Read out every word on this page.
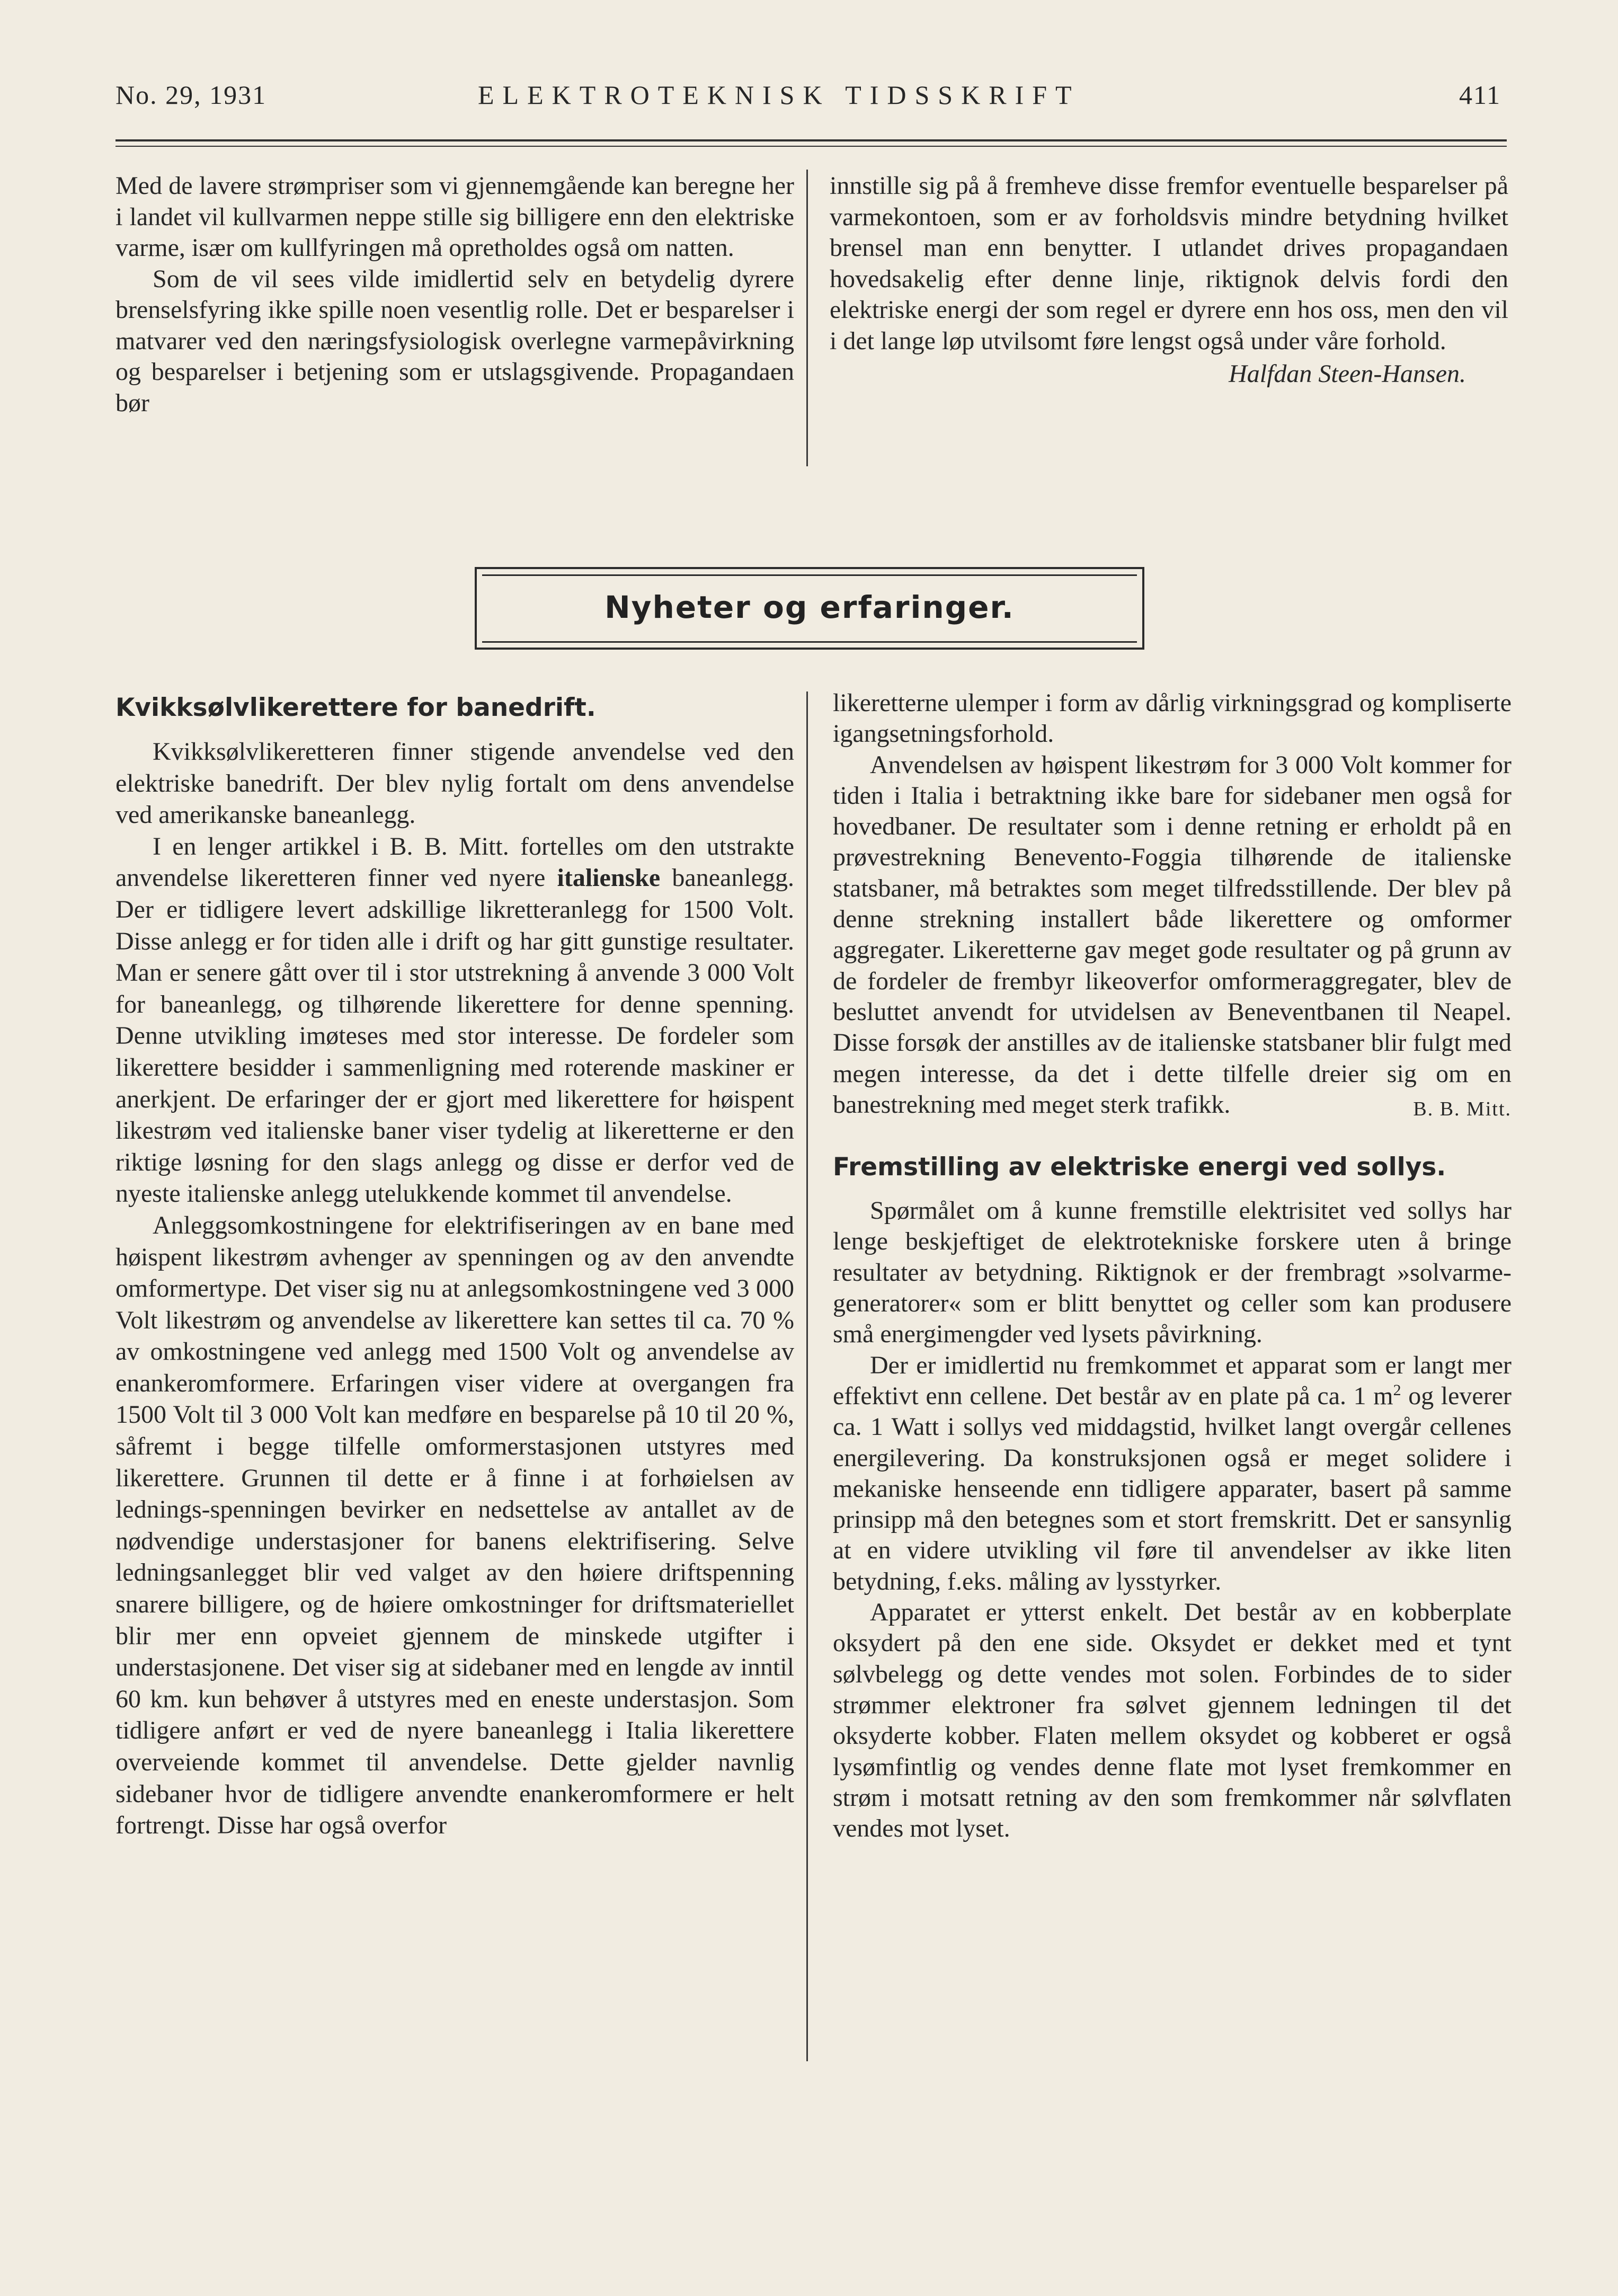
No. 29, 1931	ELEKTROTEKNISK TIDSSKRIFT	411

Med de lavere strømpriser som vi gjennemgående kan beregne her i landet vil kullvarmen neppe stille sig billigere enn den elektriske varme, især om kullfyringen må opretholdes også om natten.

Som de vil sees vilde imidlertid selv en betydelig dyrere brenselsfyring ikke spille noen vesentlig rolle. Det er besparelser i matvarer ved den næringsfysiologisk overlegne varmepåvirkning og besparelser i betjening som er utslagsgivende. Propagandaen bør

innstille sig på å fremheve disse fremfor eventuelle besparelser på varmekontoen, som er av forholdsvis mindre betydning hvilket brensel man enn benytter. I utlandet drives propagandaen hovedsakelig efter denne linje, riktignok delvis fordi den elektriske energi der som regel er dyrere enn hos oss, men den vil i det lange løp utvilsomt føre lengst også under våre forhold.

Halfdan Steen-Hansen.
Nyheter og erfaringer.
Kvikksølvlikerettere for banedrift.

Kvikksølvlikeretteren finner stigende anvendelse ved den elektriske banedrift. Der blev nylig fortalt om dens anvendelse ved amerikanske baneanlegg.

I en lenger artikkel i B. B. Mitt. fortelles om den utstrakte anvendelse likeretteren finner ved nyere italienske baneanlegg. Der er tidligere levert adskillige likretteranlegg for 1500 Volt. Disse anlegg er for tiden alle i drift og har gitt gunstige resultater. Man er senere gått over til i stor utstrekning å anvende 3 000 Volt for baneanlegg, og tilhørende likerettere for denne spenning. Denne utvikling imøteses med stor interesse. De fordeler som likerettere besidder i sammenligning med roterende maskiner er anerkjent. De erfaringer der er gjort med likerettere for høispent likestrøm ved italienske baner viser tydelig at likeretterne er den riktige løsning for den slags anlegg og disse er derfor ved de nyeste italienske anlegg utelukkende kommet til anvendelse.

Anleggsomkostningene for elektrifiseringen av en bane med høispent likestrøm avhenger av spenningen og av den anvendte omformertype. Det viser sig nu at anlegsomkostningene ved 3 000 Volt likestrøm og anvendelse av likerettere kan settes til ca. 70 % av omkostningene ved anlegg med 1500 Volt og anvendelse av enankeromformere. Erfaringen viser videre at overgangen fra 1500 Volt til 3 000 Volt kan medføre en besparelse på 10 til 20 %, såfremt i begge tilfelle omformerstasjonen utstyres med likerettere. Grunnen til dette er å finne i at forhøielsen av lednings-spenningen bevirker en nedsettelse av antallet av de nødvendige understasjoner for banens elektrifisering. Selve ledningsanlegget blir ved valget av den høiere driftspenning snarere billigere, og de høiere omkostninger for driftsmateriellet blir mer enn opveiet gjennem de minskede utgifter i understasjonene. Det viser sig at sidebaner med en lengde av inntil 60 km. kun behøver å utstyres med en eneste understasjon. Som tidligere anført er ved de nyere baneanlegg i Italia likerettere overveiende kommet til anvendelse. Dette gjelder navnlig sidebaner hvor de tidligere anvendte enankeromformere er helt fortrengt. Disse har også overfor

likeretterne ulemper i form av dårlig virkningsgrad og kompliserte igangsetningsforhold.

Anvendelsen av høispent likestrøm for 3 000 Volt kommer for tiden i Italia i betraktning ikke bare for sidebaner men også for hovedbaner. De resultater som i denne retning er erholdt på en prøvestrekning Benevento-Foggia tilhørende de italienske statsbaner, må betraktes som meget tilfredsstillende. Der blev på denne strekning installert både likerettere og omformer aggregater. Likeretterne gav meget gode resultater og på grunn av de fordeler de frembyr likeoverfor omformeraggregater, blev de besluttet anvendt for utvidelsen av Beneventbanen til Neapel. Disse forsøk der anstilles av de italienske statsbaner blir fulgt med megen interesse, da det i dette tilfelle dreier sig om en banestrekning med meget sterk trafikk.	B. B. Mitt.

Fremstilling av elektriske energi ved sollys.

Spørmålet om å kunne fremstille elektrisitet ved sollys har lenge beskjeftiget de elektrotekniske forskere uten å bringe resultater av betydning. Riktignok er der frembragt »solvarme-generatorer« som er blitt benyttet og celler som kan produsere små energimengder ved lysets påvirkning.

Der er imidlertid nu fremkommet et apparat som er langt mer effektivt enn cellene. Det består av en plate på ca. 1 $m^2$ og leverer ca. 1 Watt i sollys ved middagstid, hvilket langt overgår cellenes energilevering. Da konstruksjonen også er meget solidere i mekaniske henseende enn tidligere apparater, basert på samme prinsipp må den betegnes som et stort fremskritt. Det er sansynlig at en videre utvikling vil føre til anvendelser av ikke liten betydning, f.eks. måling av lysstyrker.

Apparatet er ytterst enkelt. Det består av en kobberplate oksydert på den ene side. Oksydet er dekket med et tynt sølvbelegg og dette vendes mot solen. Forbindes de to sider strømmer elektroner fra sølvet gjennem ledningen til det oksyderte kobber. Flaten mellem oksydet og kobberet er også lysømfintlig og vendes denne flate mot lyset fremkommer en strøm i motsatt retning av den som fremkommer når sølvflaten vendes mot lyset.
